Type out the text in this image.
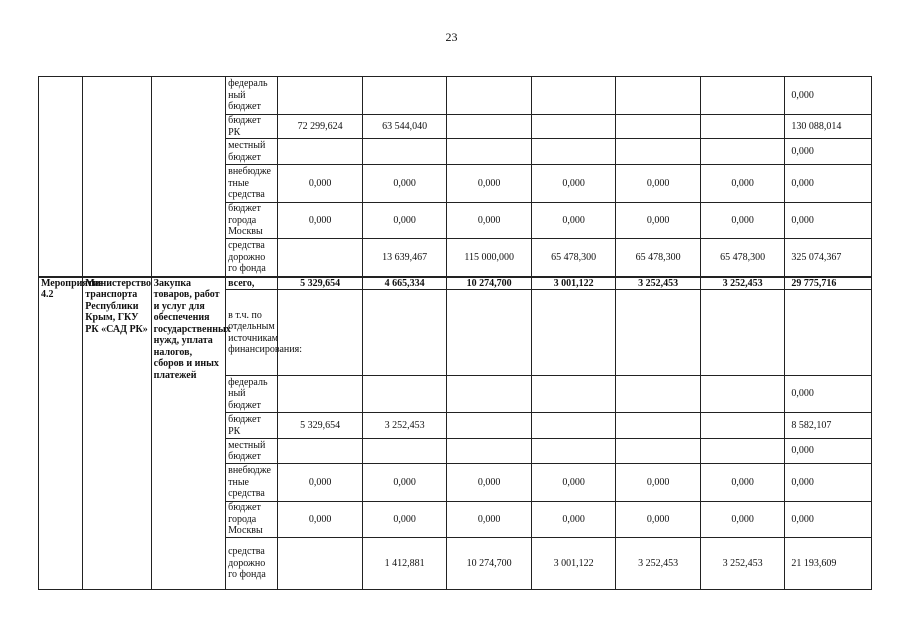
23
			федераль ный бюджет							0,000
			бюджет РК	72 299,624	63 544,040					130 088,014
			местный бюджет							0,000
			внебюдже тные средства	0,000	0,000	0,000	0,000	0,000	0,000	0,000
			бюджет города Москвы	0,000	0,000	0,000	0,000	0,000	0,000	0,000
			средства дорожно го фонда		13 639,467	115 000,000	65 478,300	65 478,300	65 478,300	325 074,367
Мероприятие 4.2	Министерство транспорта Республики Крым, ГКУ РК «САД РК»	Закупка товаров, работ и услуг для обеспечения государственных нужд, уплата налогов, сборов и иных платежей	всего,	5 329,654	4 665,334	10 274,700	3 001,122	3 252,453	3 252,453	29 775,716
			в т.ч. по отдельным источникам финансирования:							
			федераль ный бюджет							0,000
			бюджет РК	5 329,654	3 252,453					8 582,107
			местный бюджет							0,000
			внебюдже тные средства	0,000	0,000	0,000	0,000	0,000	0,000	0,000
			бюджет города Москвы	0,000	0,000	0,000	0,000	0,000	0,000	0,000
			средства дорожно го фонда		1 412,881	10 274,700	3 001,122	3 252,453	3 252,453	21 193,609
